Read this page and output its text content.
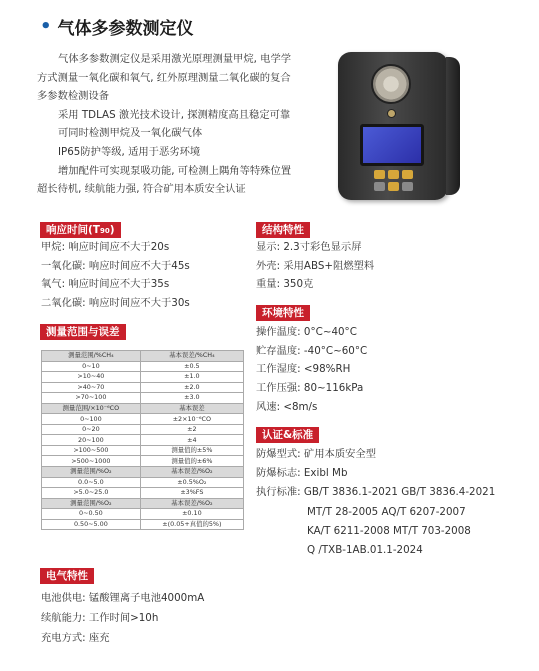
• 气体多参数测定仪

气体多参数测定仪是采用激光原理测量甲烷, 电学学

方式测量一氧化碳和氧气, 红外原理测量二氧化碳的复合

多参数检测设备

采用 TDLAS 激光技术设计, 探测精度高且稳定可靠

可同时检测甲烷及一氧化碳气体

IP65防护等级, 适用于恶劣环境

增加配件可实现泵吸功能, 可检测上隅角等特殊位置

超长待机, 续航能力强, 符合矿用本质安全认证

响应时间(T90)
甲烷: 响应时间应不大于20s
一氧化碳: 响应时间应不大于45s
氧气: 响应时间应不大于35s
二氧化碳: 响应时间应不大于30s
测量范围与误差
测量范围/%CH₄	基本误差/%CH₄
0~10	±0.5
>10~40	±1.0
>40~70	±2.0
>70~100	±3.0
测量范围/×10⁻⁶CO	基本误差
0~100	±2×10⁻⁶CO
0~20	±2
20~100	±4
>100~500	测量值的±5%
>500~1000	测量值的±6%
测量范围/%O₂	基本误差/%O₂
0.0~5.0	±0.5%O₂
>5.0~25.0	±3%FS
测量范围/%O₂	基本误差/%O₂
0~0.50	±0.10
0.50~5.00	±(0.05+真值的5%)
电气特性
电池供电: 锰酸锂离子电池4000mA
续航能力: 工作时间>10h
充电方式: 座充
结构特性
显示: 2.3寸彩色显示屏
外壳: 采用ABS+阻燃塑料
重量: 350克
环境特性
操作温度: 0°C~40°C
贮存温度: -40°C~60°C
工作湿度: <98%RH
工作压强: 80~116kPa
风速: <8m/s
认证&标准
防爆型式: 矿用本质安全型
防爆标志: Exibl Mb
执行标准: GB/T 3836.1-2021 GB/T 3836.4-2021
MT/T 28-2005 AQ/T 6207-2007
KA/T 6211-2008 MT/T 703-2008
Q /TXB-1AB.01.1-2024
